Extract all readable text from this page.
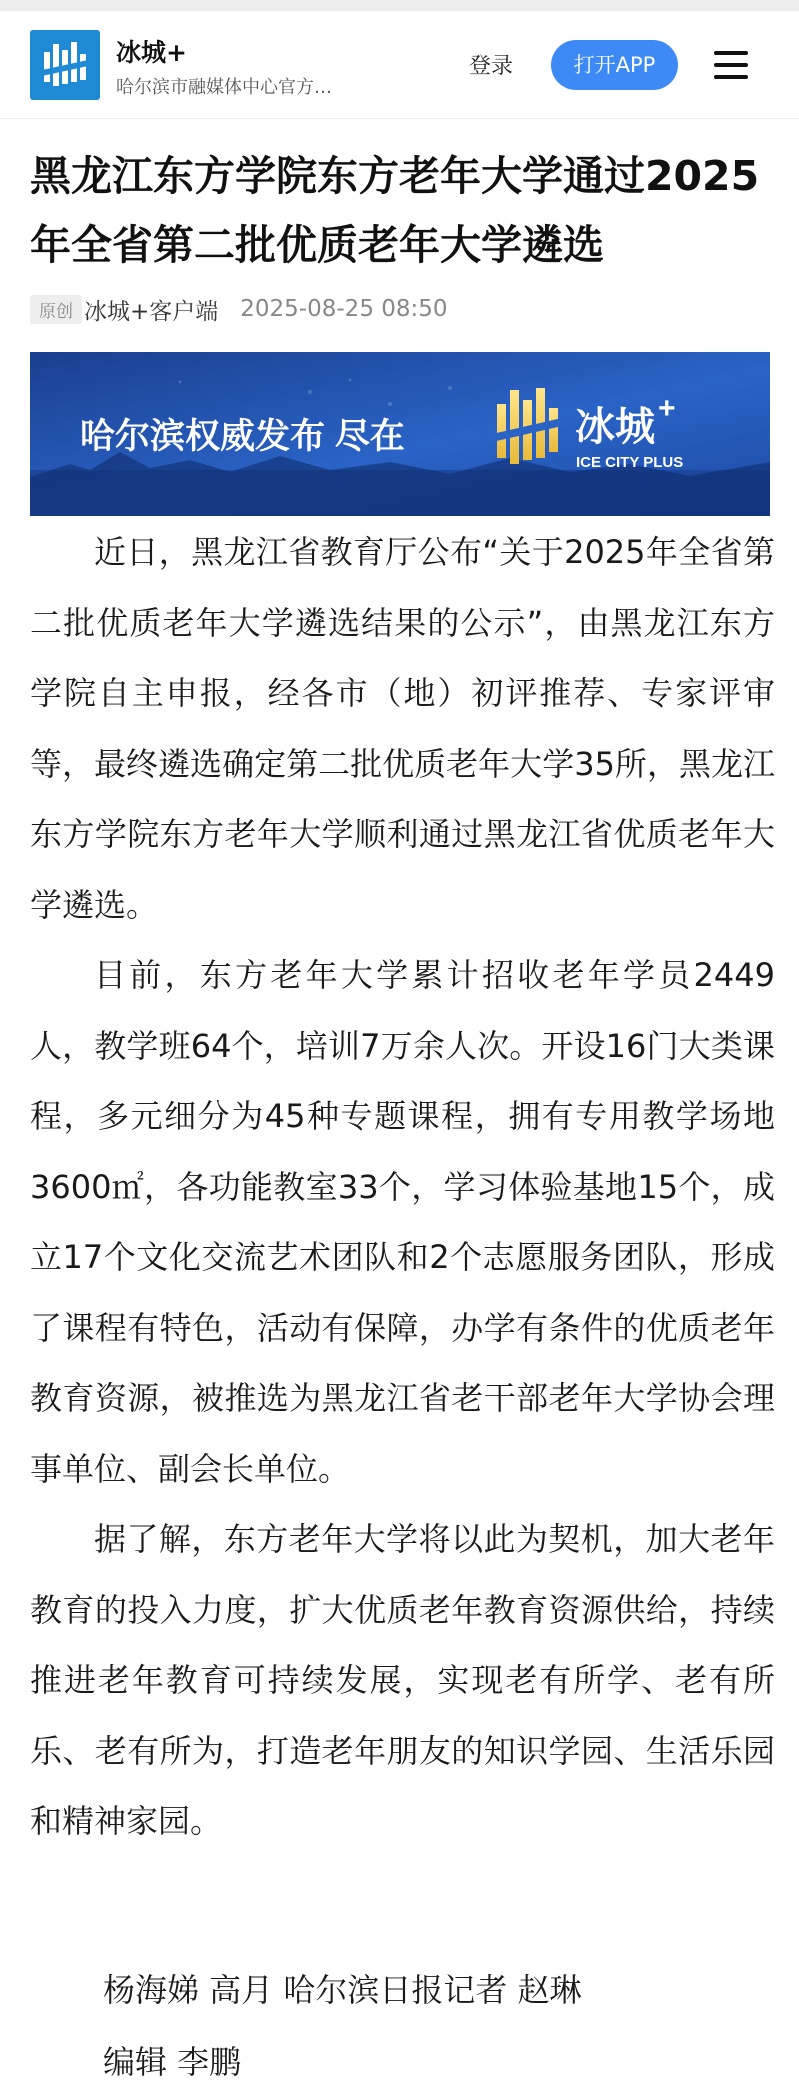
冰城+
哈尔滨市融媒体中心官方…
登录	打开APP
黑龙江东方学院东方老年大学通过2025年全省第二批优质老年大学遴选
原创 冰城+客户端 2025-08-25 08:50
哈尔滨权威发布 尽在	冰城 +
ICE CITY PLUS

近日，黑龙江省教育厅公布“关于2025年全省第二批优质老年大学遴选结果的公示”，由黑龙江东方学院自主申报，经各市（地）初评推荐、专家评审等，最终遴选确定第二批优质老年大学35所，黑龙江东方学院东方老年大学顺利通过黑龙江省优质老年大学遴选。

目前，东方老年大学累计招收老年学员2449人，教学班64个，培训7万余人次。开设16门大类课程，多元细分为45种专题课程，拥有专用教学场地3600㎡，各功能教室33个，学习体验基地15个，成立17个文化交流艺术团队和2个志愿服务团队，形成了课程有特色，活动有保障，办学有条件的优质老年教育资源，被推选为黑龙江省老干部老年大学协会理事单位、副会长单位。

据了解，东方老年大学将以此为契机，加大老年教育的投入力度，扩大优质老年教育资源供给，持续推进老年教育可持续发展，实现老有所学、老有所乐、老有所为，打造老年朋友的知识学园、生活乐园和精神家园。

杨海娣 高月 哈尔滨日报记者 赵琳
编辑 李鹏
